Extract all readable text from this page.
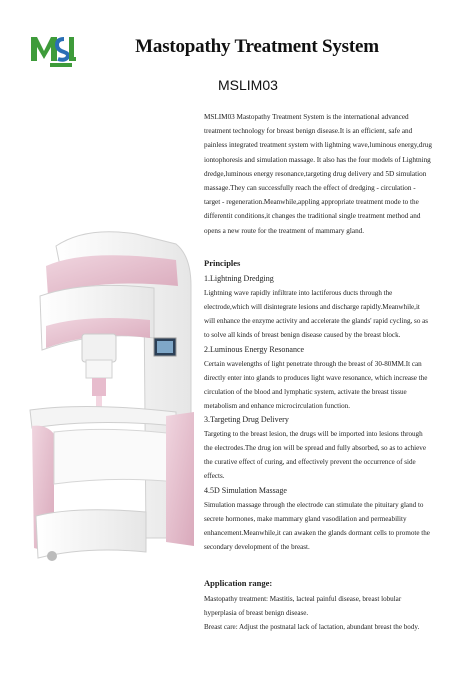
Mastopathy Treatment System
MSLIM03
MSLIM03 Mastopathy Treatment System is the international advanced treatment technology for breast benign disease.It is an efficient, safe and painless integrated treatment system with lightning wave,luminous energy,drug iontophoresis and simulation massage. It also has the four models of Lightning dredge,luminous energy resonance,targeting drug delivery and 5D simulation massage.They can successfully reach the effect of dredging - circulation - target - regeneration.Meanwhile,appling appropriate treatment mode to the differentit conditions,it changes the traditional single treatment method and opens a new route for the treatment of mammary gland.
Principles
1.Lightning Dredging

Lightning wave rapidly infiltrate into lactiferous ducts through the electrode,which will disintegrate lesions and discharge rapidly.Meanwhile,it will enhance the enzyme activity and accelerate the glands' rapid cycling, so as to solve all kinds of breast benign disease caused by the breast block.

2.Luminous Energy Resonance

Certain wavelengths of light penetrate through the breast of 30-80MM.It can directly enter into glands to produces light wave resonance, which increase the circulation of the blood and lymphatic system, activate the breast tissue metabolism and enhance microcirculation function.

3.Targeting Drug Delivery

Targeting to the breast lesion, the drugs will be imported into lesions through the electrodes.The drug ion will be spread and fully absorbed, so as to achieve the curative effect of curing, and effectively prevent the occurrence of side effects.

4.5D Simulation Massage

Simulation massage through the electrode can stimulate the pituitary gland to secrete hormones, make mammary gland vasodilation and permeability enhancement.Meanwhile,it can awaken the glands dormant cells to promote the secondary development of the breast.

Application range:

Mastopathy treatment: Mastitis, lacteal painful disease, breast lobular hyperplasia of breast benign disease.

Breast care: Adjust the postnatal lack of lactation, abundant breast the body.
